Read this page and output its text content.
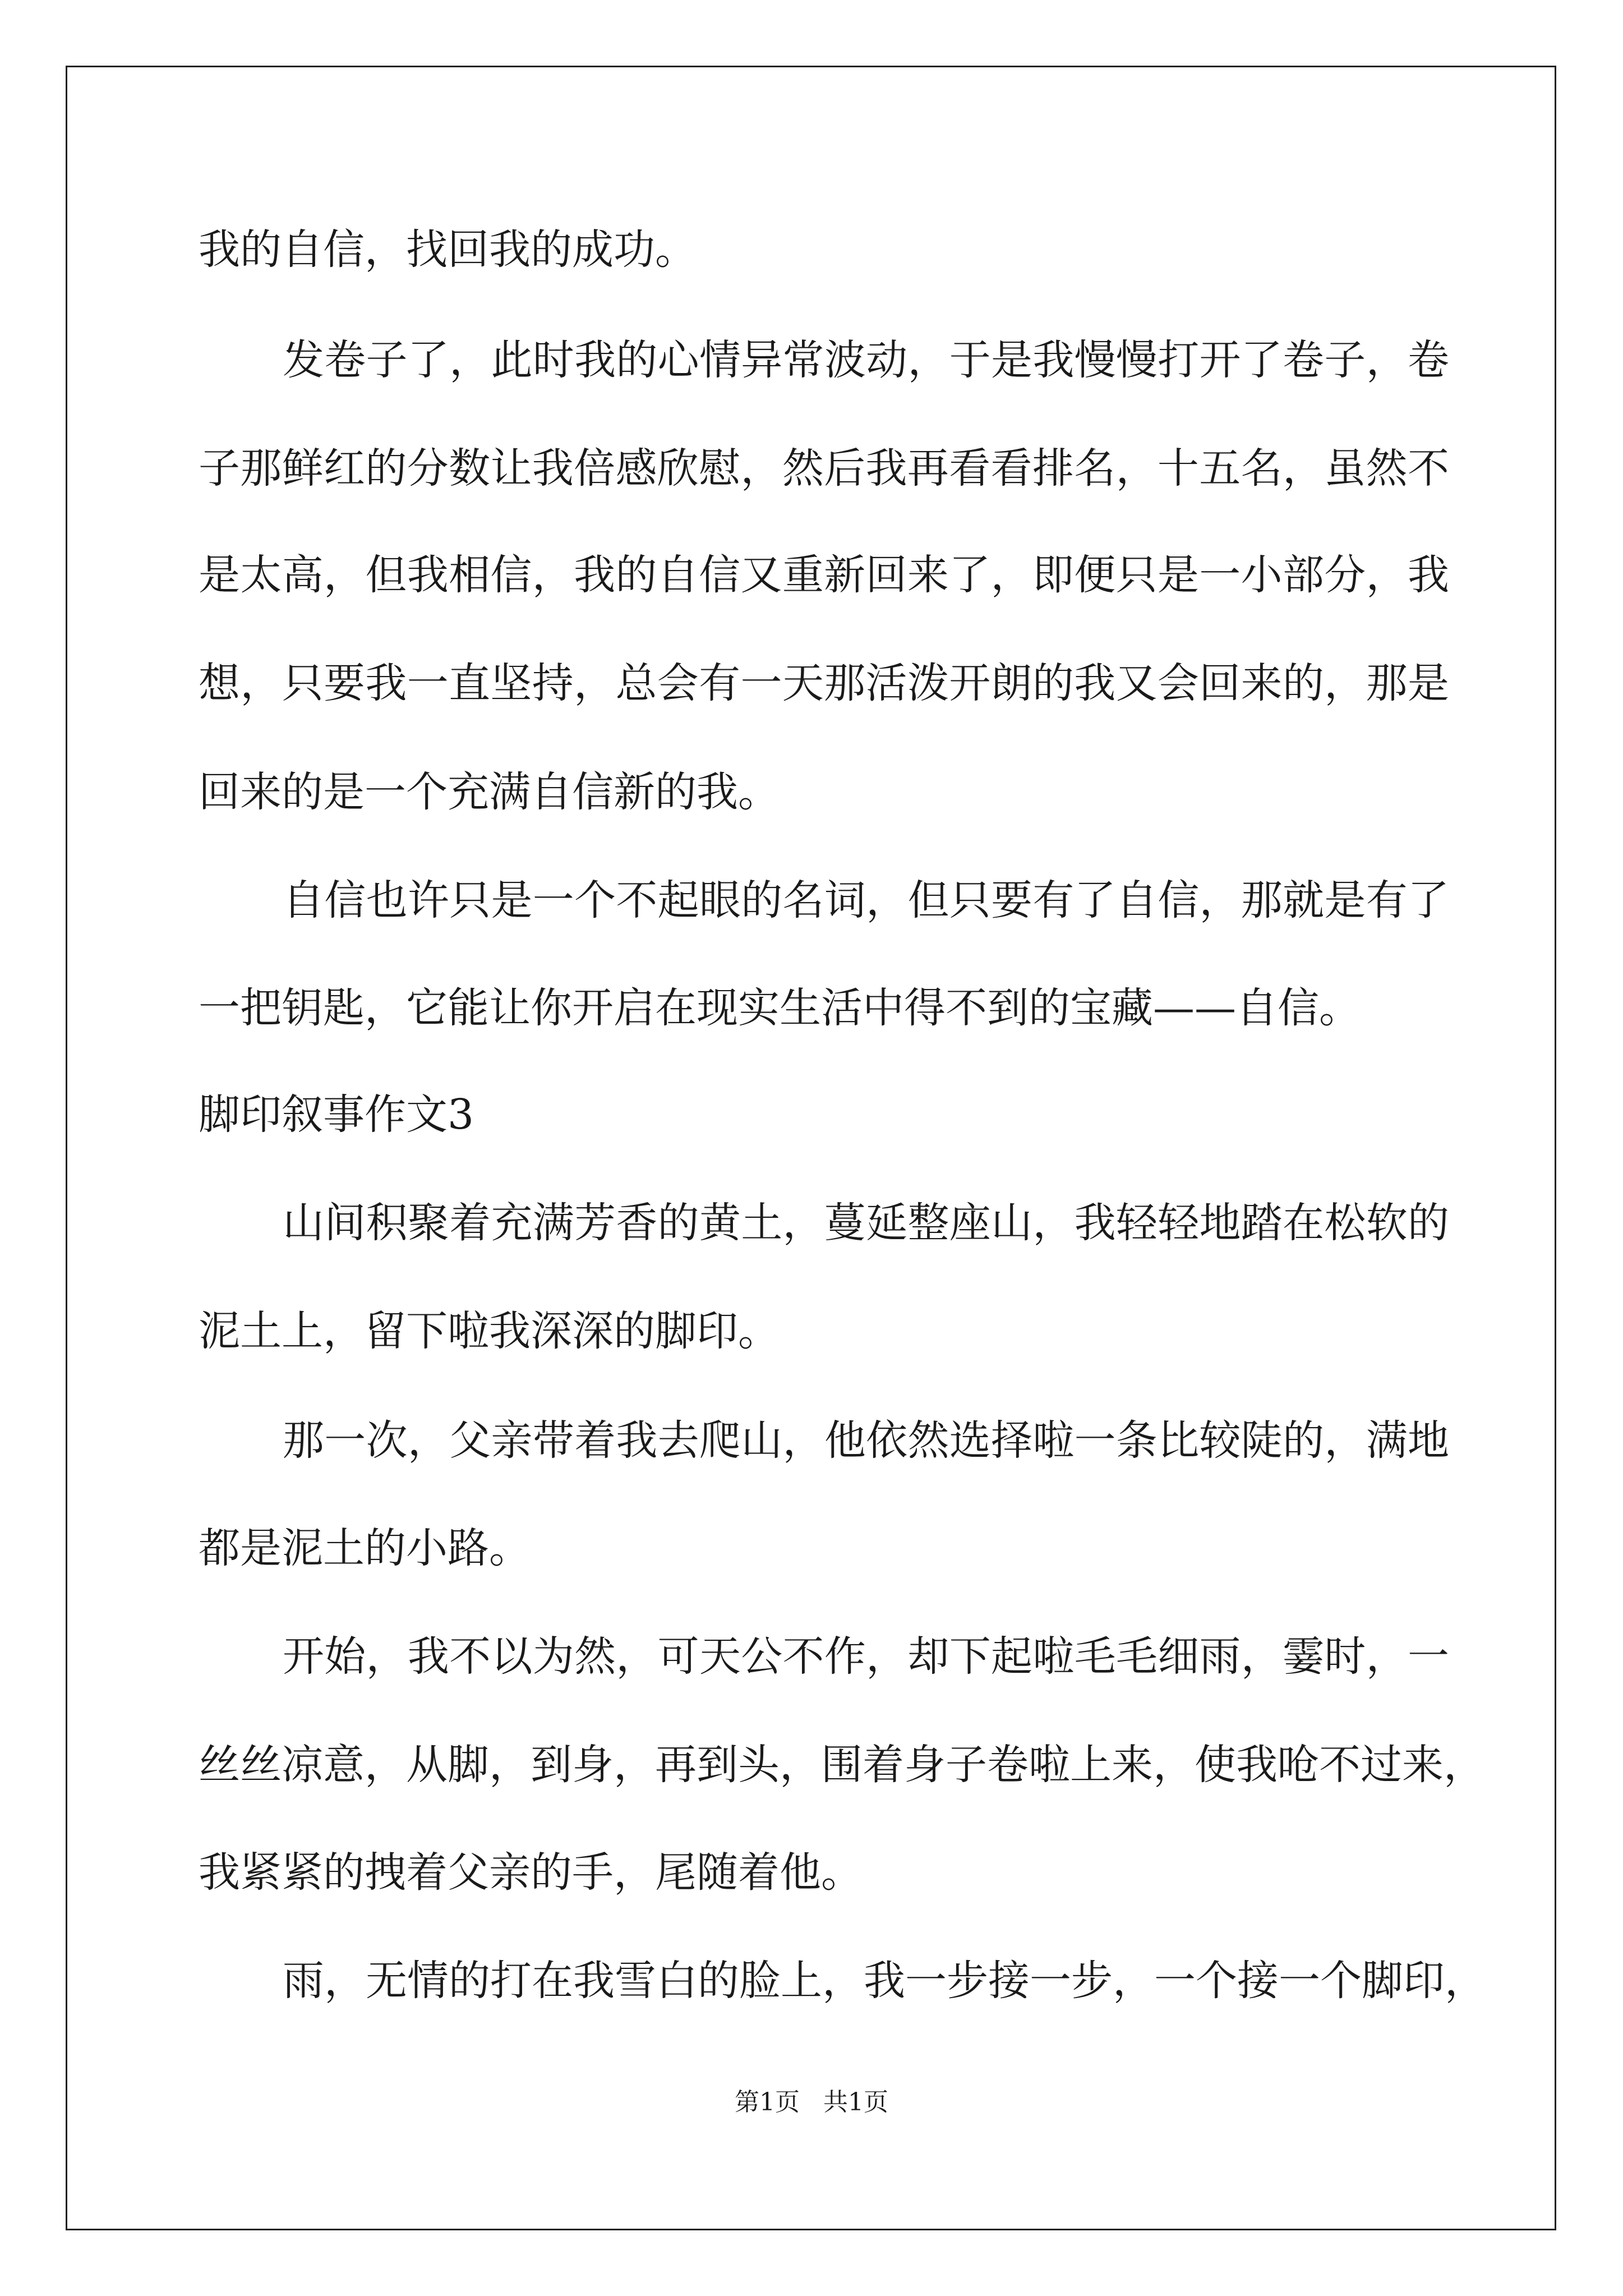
我的自信，找回我的成功。
发卷子了，此时我的心情异常波动，于是我慢慢打开了卷子，卷
子那鲜红的分数让我倍感欣慰，然后我再看看排名，十五名，虽然不
是太高，但我相信，我的自信又重新回来了，即便只是一小部分，我
想，只要我一直坚持，总会有一天那活泼开朗的我又会回来的，那是
回来的是一个充满自信新的我。
自信也许只是一个不起眼的名词，但只要有了自信，那就是有了
一把钥匙，它能让你开启在现实生活中得不到的宝藏——自信。
脚印叙事作文3
山间积聚着充满芳香的黄土，蔓延整座山，我轻轻地踏在松软的
泥土上，留下啦我深深的脚印。
那一次，父亲带着我去爬山，他依然选择啦一条比较陡的，满地
都是泥土的小路。
开始，我不以为然，可天公不作，却下起啦毛毛细雨，霎时，一
丝丝凉意，从脚，到身，再到头，围着身子卷啦上来，使我呛不过来，
我紧紧的拽着父亲的手，尾随着他。
雨，无情的打在我雪白的脸上，我一步接一步，一个接一个脚印，
第1页   共1页
